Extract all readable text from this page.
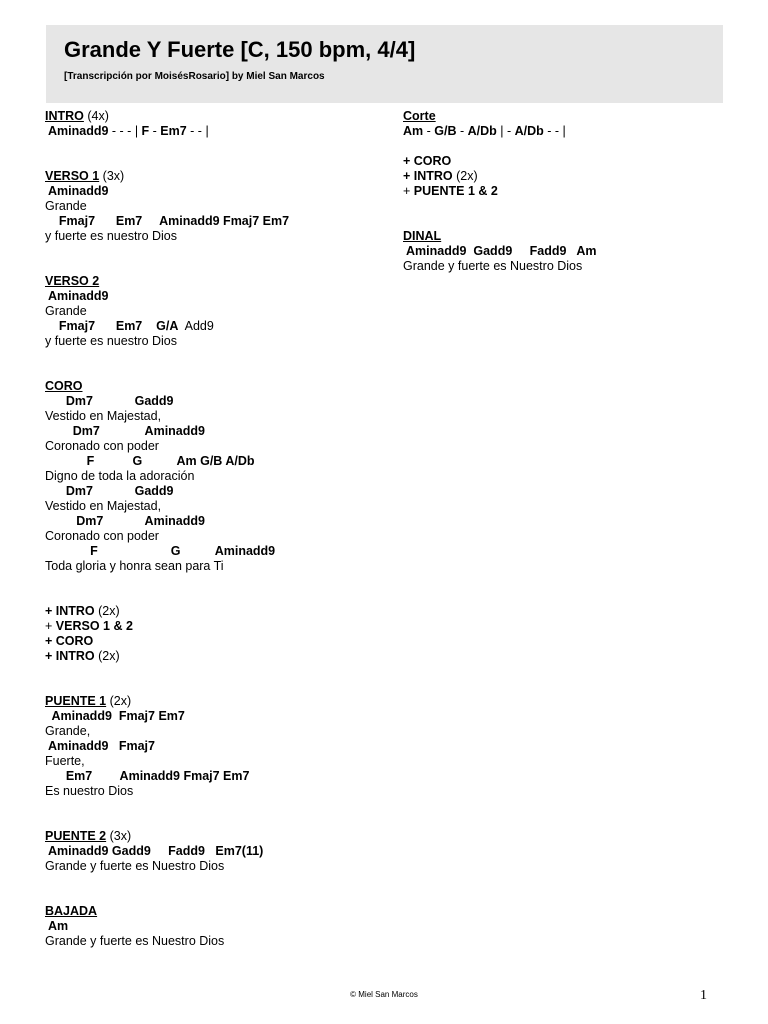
Grande Y Fuerte [C, 150 bpm, 4/4]
[Transcripción por MoisésRosario] by Miel San Marcos
INTRO (4x)
Aminadd9 - - - | F - Em7 - - |
VERSO 1 (3x)
Aminadd9
Grande
Fmaj7      Em7     Aminadd9 Fmaj7 Em7
y fuerte es nuestro Dios
VERSO 2
Aminadd9
Grande
Fmaj7      Em7    G/A  Add9
y fuerte es nuestro Dios
CORO
Dm7            Gadd9
Vestido en Majestad,
Dm7             Aminadd9
Coronado con poder
F           G          Am G/B A/Db
Digno de toda la adoración
Dm7            Gadd9
Vestido en Majestad,
Dm7            Aminadd9
Coronado con poder
F                     G          Aminadd9
Toda gloria y honra sean para Ti
+ INTRO (2x)
+ VERSO 1 & 2
+ CORO
+ INTRO (2x)
PUENTE 1 (2x)
Aminadd9  Fmaj7 Em7
Grande,
Aminadd9   Fmaj7
Fuerte,
Em7        Aminadd9 Fmaj7 Em7
Es nuestro Dios
PUENTE 2 (3x)
Aminadd9 Gadd9     Fadd9   Em7(11)
Grande y fuerte es Nuestro Dios
BAJADA
Am
Grande y fuerte es Nuestro Dios
Corte
Am - G/B - A/Db | - A/Db - - |
+ CORO
+ INTRO (2x)
+ PUENTE 1 & 2
DINAL
Aminadd9  Gadd9     Fadd9   Am
Grande y fuerte es Nuestro Dios
© Miel San Marcos	1
